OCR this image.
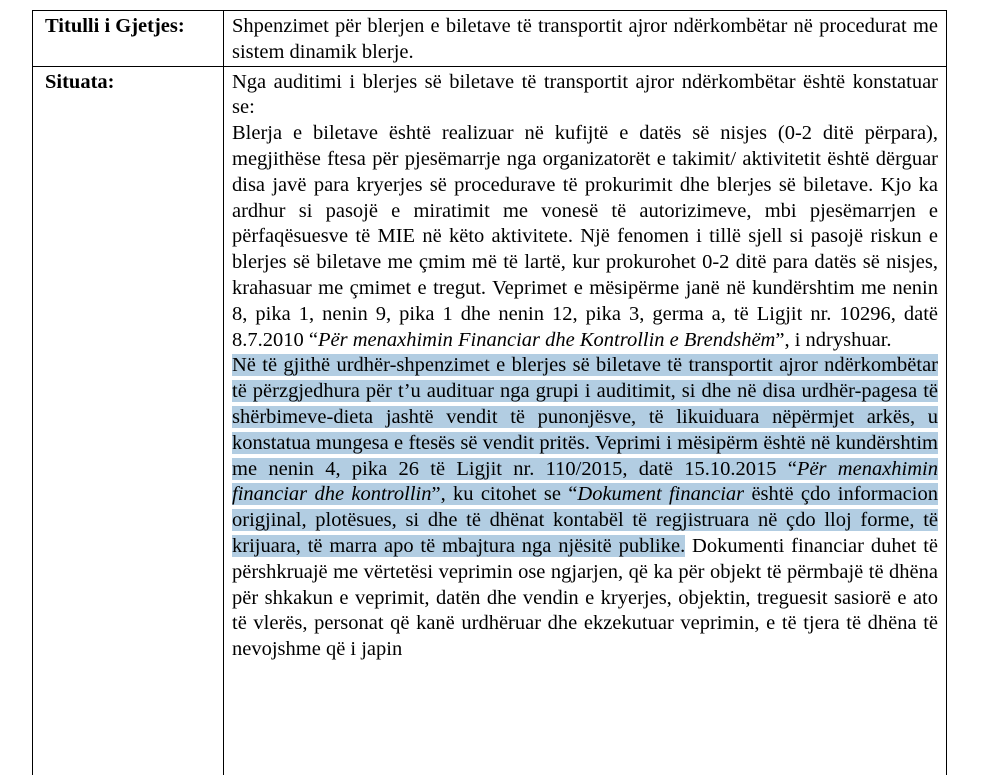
Titulli i Gjetjes:	Shpenzimet për blerjen e biletave të transportit ajror ndërkombëtar në procedurat me sistem dinamik blerje.
Situata:	Nga auditimi i blerjes së biletave të transportit ajror ndërkombëtar është konstatuar se:
Blerja e biletave është realizuar në kufijtë e datës së nisjes (0-2 ditë përpara), megjithëse ftesa për pjesëmarrje nga organizatorët e takimit/ aktivitetit është dërguar disa javë para kryerjes së procedurave të prokurimit dhe blerjes së biletave. Kjo ka ardhur si pasojë e miratimit me vonesë të autorizimeve, mbi pjesëmarrjen e përfaqësuesve të MIE në këto aktivitete. Një fenomen i tillë sjell si pasojë riskun e blerjes së biletave me çmim më të lartë, kur prokurohet 0-2 ditë para datës së nisjes, krahasuar me çmimet e tregut. Veprimet e mësipërme janë në kundërshtim me nenin 8, pika 1, nenin 9, pika 1 dhe nenin 12, pika 3, germa a, të Ligjit nr. 10296, datë 8.7.2010 “Për menaxhimin Financiar dhe Kontrollin e Brendshëm”, i ndryshuar.
Në të gjithë urdhër-shpenzimet e blerjes së biletave të transportit ajror ndërkombëtar të përzgjedhura për t’u audituar nga grupi i auditimit, si dhe në disa urdhër-pagesa të shërbimeve-dieta jashtë vendit të punonjësve, të likuiduara nëpërmjet arkës, u konstatua mungesa e ftesës së vendit pritës. Veprimi i mësipërm është në kundërshtim me nenin 4, pika 26 të Ligjit nr. 110/2015, datë 15.10.2015 “Për menaxhimin financiar dhe kontrollin”, ku citohet se “Dokument financiar është çdo informacion origjinal, plotësues, si dhe të dhënat kontabël të regjistruara në çdo lloj forme, të krijuara, të marra apo të mbajtura nga njësitë publike. Dokumenti financiar duhet të përshkruajë me vërtetësi veprimin ose ngjarjen, që ka për objekt të përmbajë të dhëna për shkakun e veprimit, datën dhe vendin e kryerjes, objektin, treguesit sasiorë e ato të vlerës, personat që kanë urdhëruar dhe ekzekutuar veprimin, e të tjera të dhëna të nevojshme që i japin
